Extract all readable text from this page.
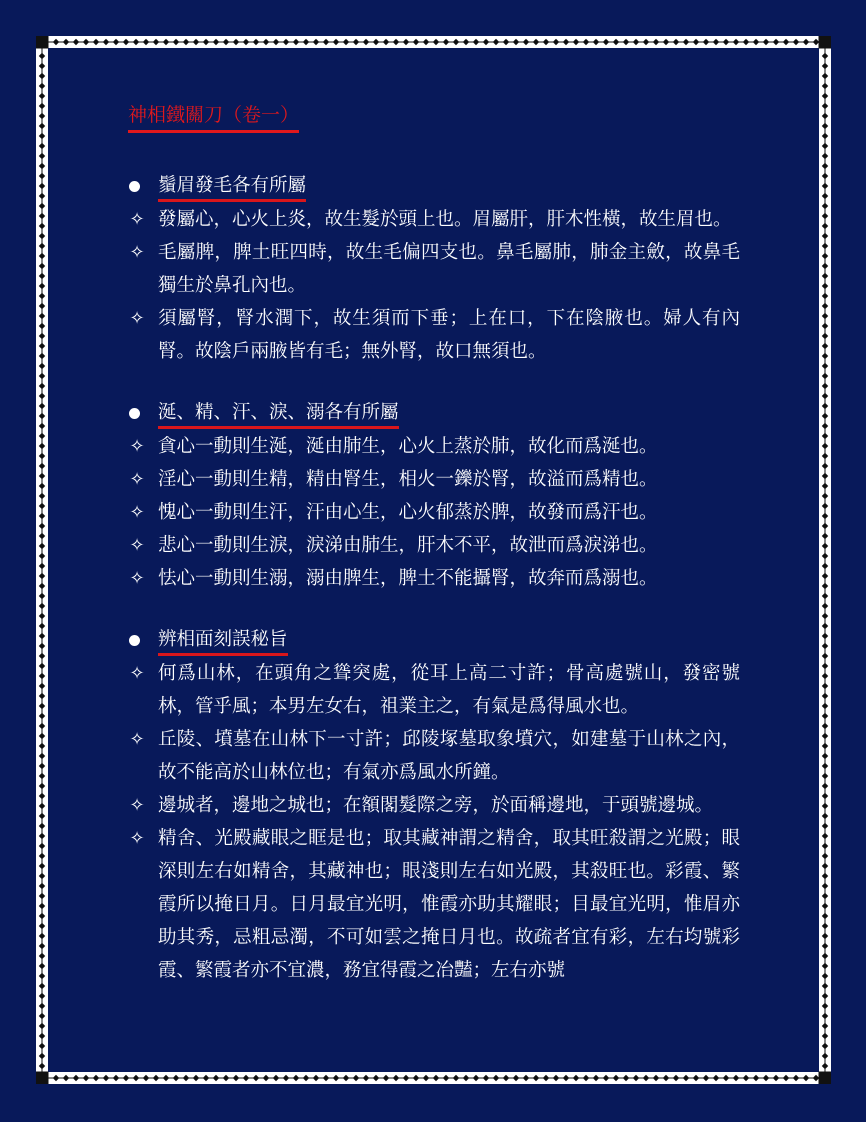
神相鐵關刀（卷一）
鬚眉發毛各有所屬
✧ 發屬心，心火上炎，故生髮於頭上也。眉屬肝，肝木性橫，故生眉也。
✧ 毛屬脾，脾土旺四時，故生毛偏四支也。鼻毛屬肺，肺金主斂，故鼻毛獨生於鼻孔內也。
✧ 須屬腎，腎水潤下，故生須而下垂；上在口，下在陰腋也。婦人有內腎。故陰戶兩腋皆有毛；無外腎，故口無須也。
涎、精、汗、淚、溺各有所屬
✧ 貪心一動則生涎，涎由肺生，心火上蒸於肺，故化而爲涎也。
✧ 淫心一動則生精，精由腎生，相火一鑠於腎，故溢而爲精也。
✧ 愧心一動則生汗，汗由心生，心火郁蒸於脾，故發而爲汗也。
✧ 悲心一動則生淚，淚涕由肺生，肝木不平，故泄而爲淚涕也。
✧ 怯心一動則生溺，溺由脾生，脾土不能攝腎，故奔而爲溺也。
辨相面刻誤秘旨
✧ 何爲山林，在頭角之聳突處，從耳上高二寸許；骨高處號山，發密號林，管乎風；本男左女右，祖業主之，有氣是爲得風水也。
✧ 丘陵、墳墓在山林下一寸許；邱陵塚墓取象墳穴，如建墓于山林之內，故不能高於山林位也；有氣亦爲風水所鐘。
✧ 邊城者，邊地之城也；在額閣髮際之旁，於面稱邊地，于頭號邊城。
✧ 精舍、光殿藏眼之眶是也；取其藏神謂之精舍，取其旺殺謂之光殿；眼深則左右如精舍，其藏神也；眼淺則左右如光殿，其殺旺也。彩霞、繁霞所以掩日月。日月最宜光明，惟霞亦助其耀眼；目最宜光明，惟眉亦助其秀，忌粗忌濁，不可如雲之掩日月也。故疏者宜有彩，左右均號彩霞、繁霞者亦不宜濃，務宜得霞之冶豔；左右亦號
